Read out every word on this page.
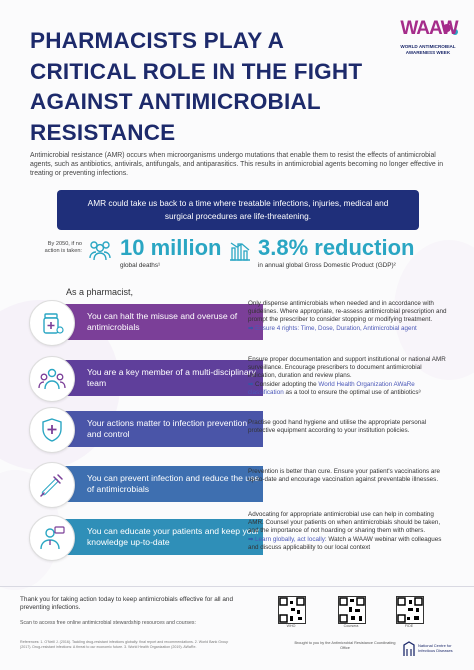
PHARMACISTS PLAY A CRITICAL ROLE IN THE FIGHT AGAINST ANTIMICROBIAL RESISTANCE
WAAW
WORLD ANTIMICROBIAL AWARENESS WEEK
Antimicrobial resistance (AMR) occurs when microorganisms undergo mutations that enable them to resist the effects of antimicrobial agents, such as antibiotics, antivirals, antifungals, and antiparasitics. This results in antimicrobial agents becoming no longer effective in treating or preventing infections.
AMR could take us back to a time where treatable infections, injuries, medical and surgical procedures are life-threatening.
By 2050, if no action is taken: 10 million
global deaths¹
3.8% reduction
in annual global Gross Domestic Product (GDP)²
As a pharmacist,
You can halt the misuse and overuse of antimicrobials
Only dispense antimicrobials when needed and in accordance with guidelines. Where appropriate, re-assess antimicrobial prescription and prompt the prescriber to consider stopping or modifying treatment.
➡ Ensure 4 rights: Time, Dose, Duration, Antimicrobial agent
You are a key member of a multi-disciplinary team
Ensure proper documentation and support institutional or national AMR surveillance. Encourage prescribers to document antimicrobial indication, duration and review plans.
➡ Consider adopting the World Health Organization AWaRe classification as a tool to ensure the optimal use of antibiotics³
Your actions matter to infection prevention and control
Practise good hand hygiene and utilise the appropriate personal protective equipment according to your institution policies.
You can prevent infection and reduce the use of antimicrobials
Prevention is better than cure. Ensure your patient's vaccinations are up-to-date and encourage vaccination against preventable illnesses.
You can educate your patients and keep your knowledge up-to-date
Advocating for appropriate antimicrobial use can help in combating AMR. Counsel your patients on when antimicrobials should be taken, and the importance of not hoarding or sharing them with others.
➡ Learn globally, act locally: Watch a WAAW webinar with colleagues and discuss applicability to our local context
Thank you for taking action today to keep antimicrobials effective for all and preventing infections.
Scan to access free online antimicrobial stewardship resources and courses:
References: 1. O'Neill J. (2016). Tackling drug-resistant infections globally: final report and recommendations. 2. World Bank Group (2017). Drug-resistant infections: A threat to our economic future. 3. World Health Organization (2019). AWaRe.
WHO	Coursera	FIDE
Brought to you by the Antimicrobial Resistance Coordinating Office	National Centre for Infectious Diseases
